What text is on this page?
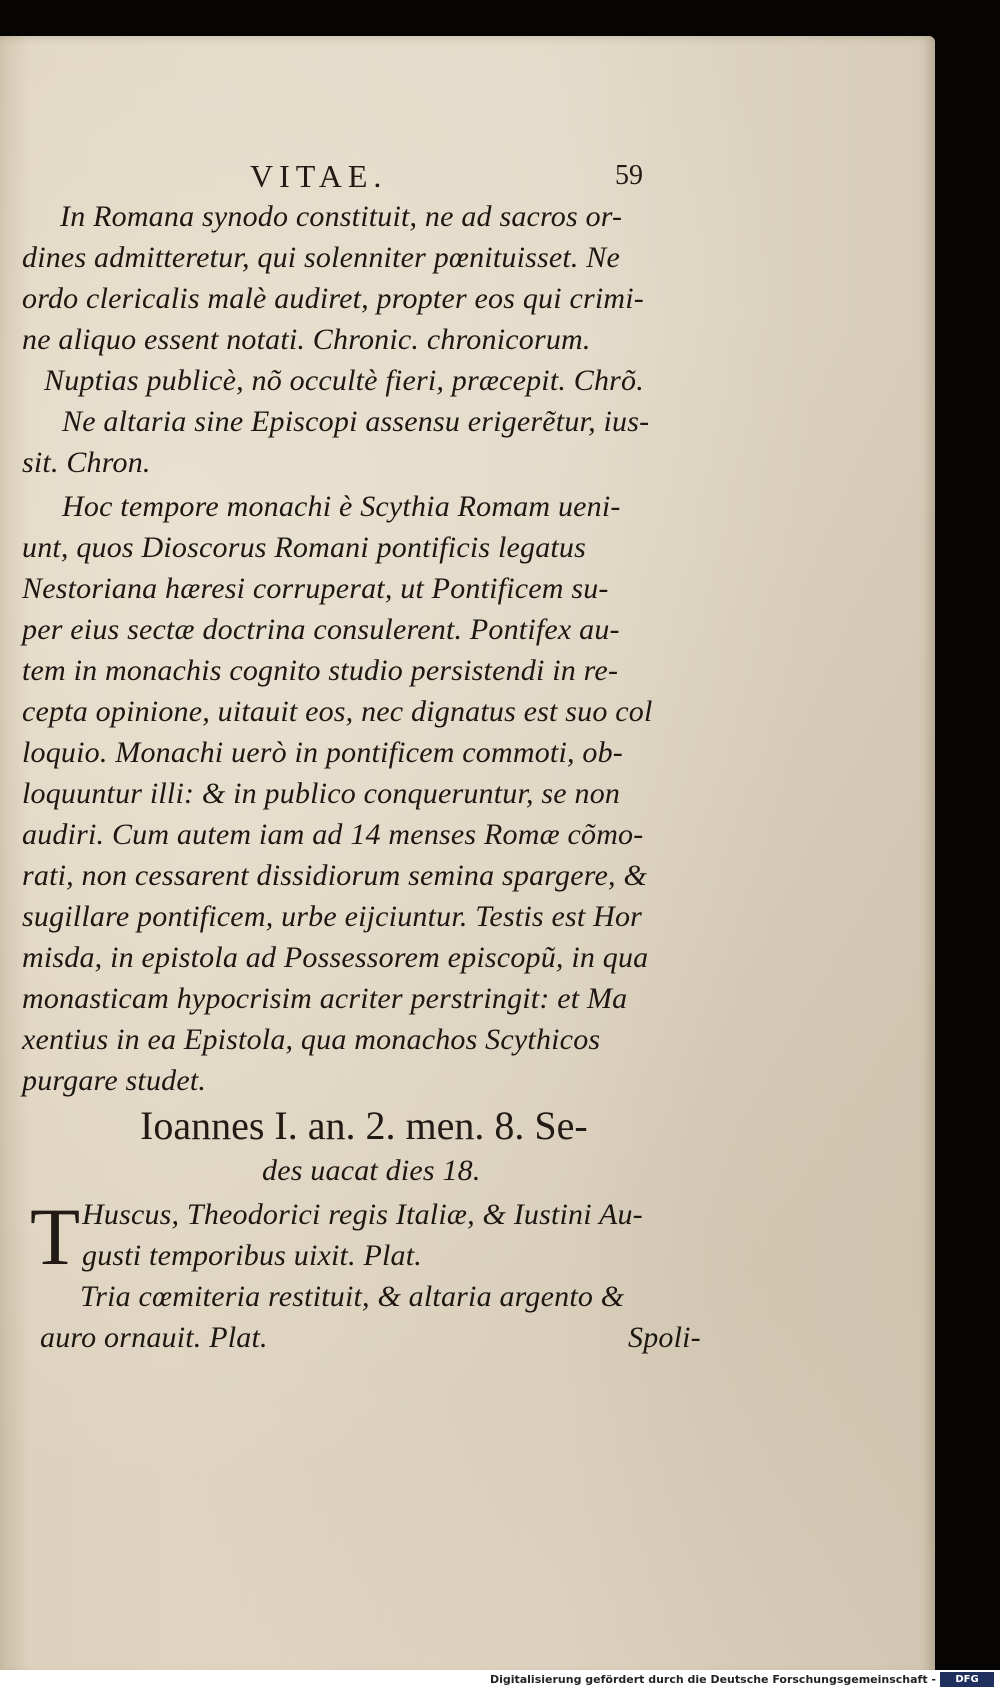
VITAE.	59
In Romana synodo constituit, ne ad sacros or-
dines admitteretur, qui solenniter pœnituisset. Ne
ordo clericalis malè audiret, propter eos qui crimi-
ne aliquo essent notati. Chronic. chronicorum.
Nuptias publicè, nõ occultè fieri, præcepit. Chrõ.
Ne altaria sine Episcopi assensu erigerẽtur, ius-
sit. Chron.
Hoc tempore monachi è Scythia Romam ueni-
unt, quos Dioscorus Romani pontificis legatus
Nestoriana hæresi corruperat, ut Pontificem su-
per eius sectæ doctrina consulerent. Pontifex au-
tem in monachis cognito studio persistendi in re-
cepta opinione, uitauit eos, nec dignatus est suo col
loquio. Monachi uerò in pontificem commoti, ob-
loquuntur illi: & in publico conqueruntur, se non
audiri. Cum autem iam ad 14 menses Romæ cõmo-
rati, non cessarent dissidiorum semina spargere, &
sugillare pontificem, urbe eijciuntur. Testis est Hor
misda, in epistola ad Possessorem episcopũ, in qua
monasticam hypocrisim acriter perstringit: et Ma
xentius in ea Epistola, qua monachos Scythicos
purgare studet.
Ioannes I. an. 2. men. 8. Se-
des uacat dies 18.
T Huscus, Theodorici regis Italiæ, & Iustini Au-
gusti temporibus uixit. Plat.
Tria cœmiteria restituit, & altaria argento &
auro ornauit. Plat.	Spoli-
Digitalisierung gefördert durch die Deutsche Forschungsgemeinschaft -	DFG
